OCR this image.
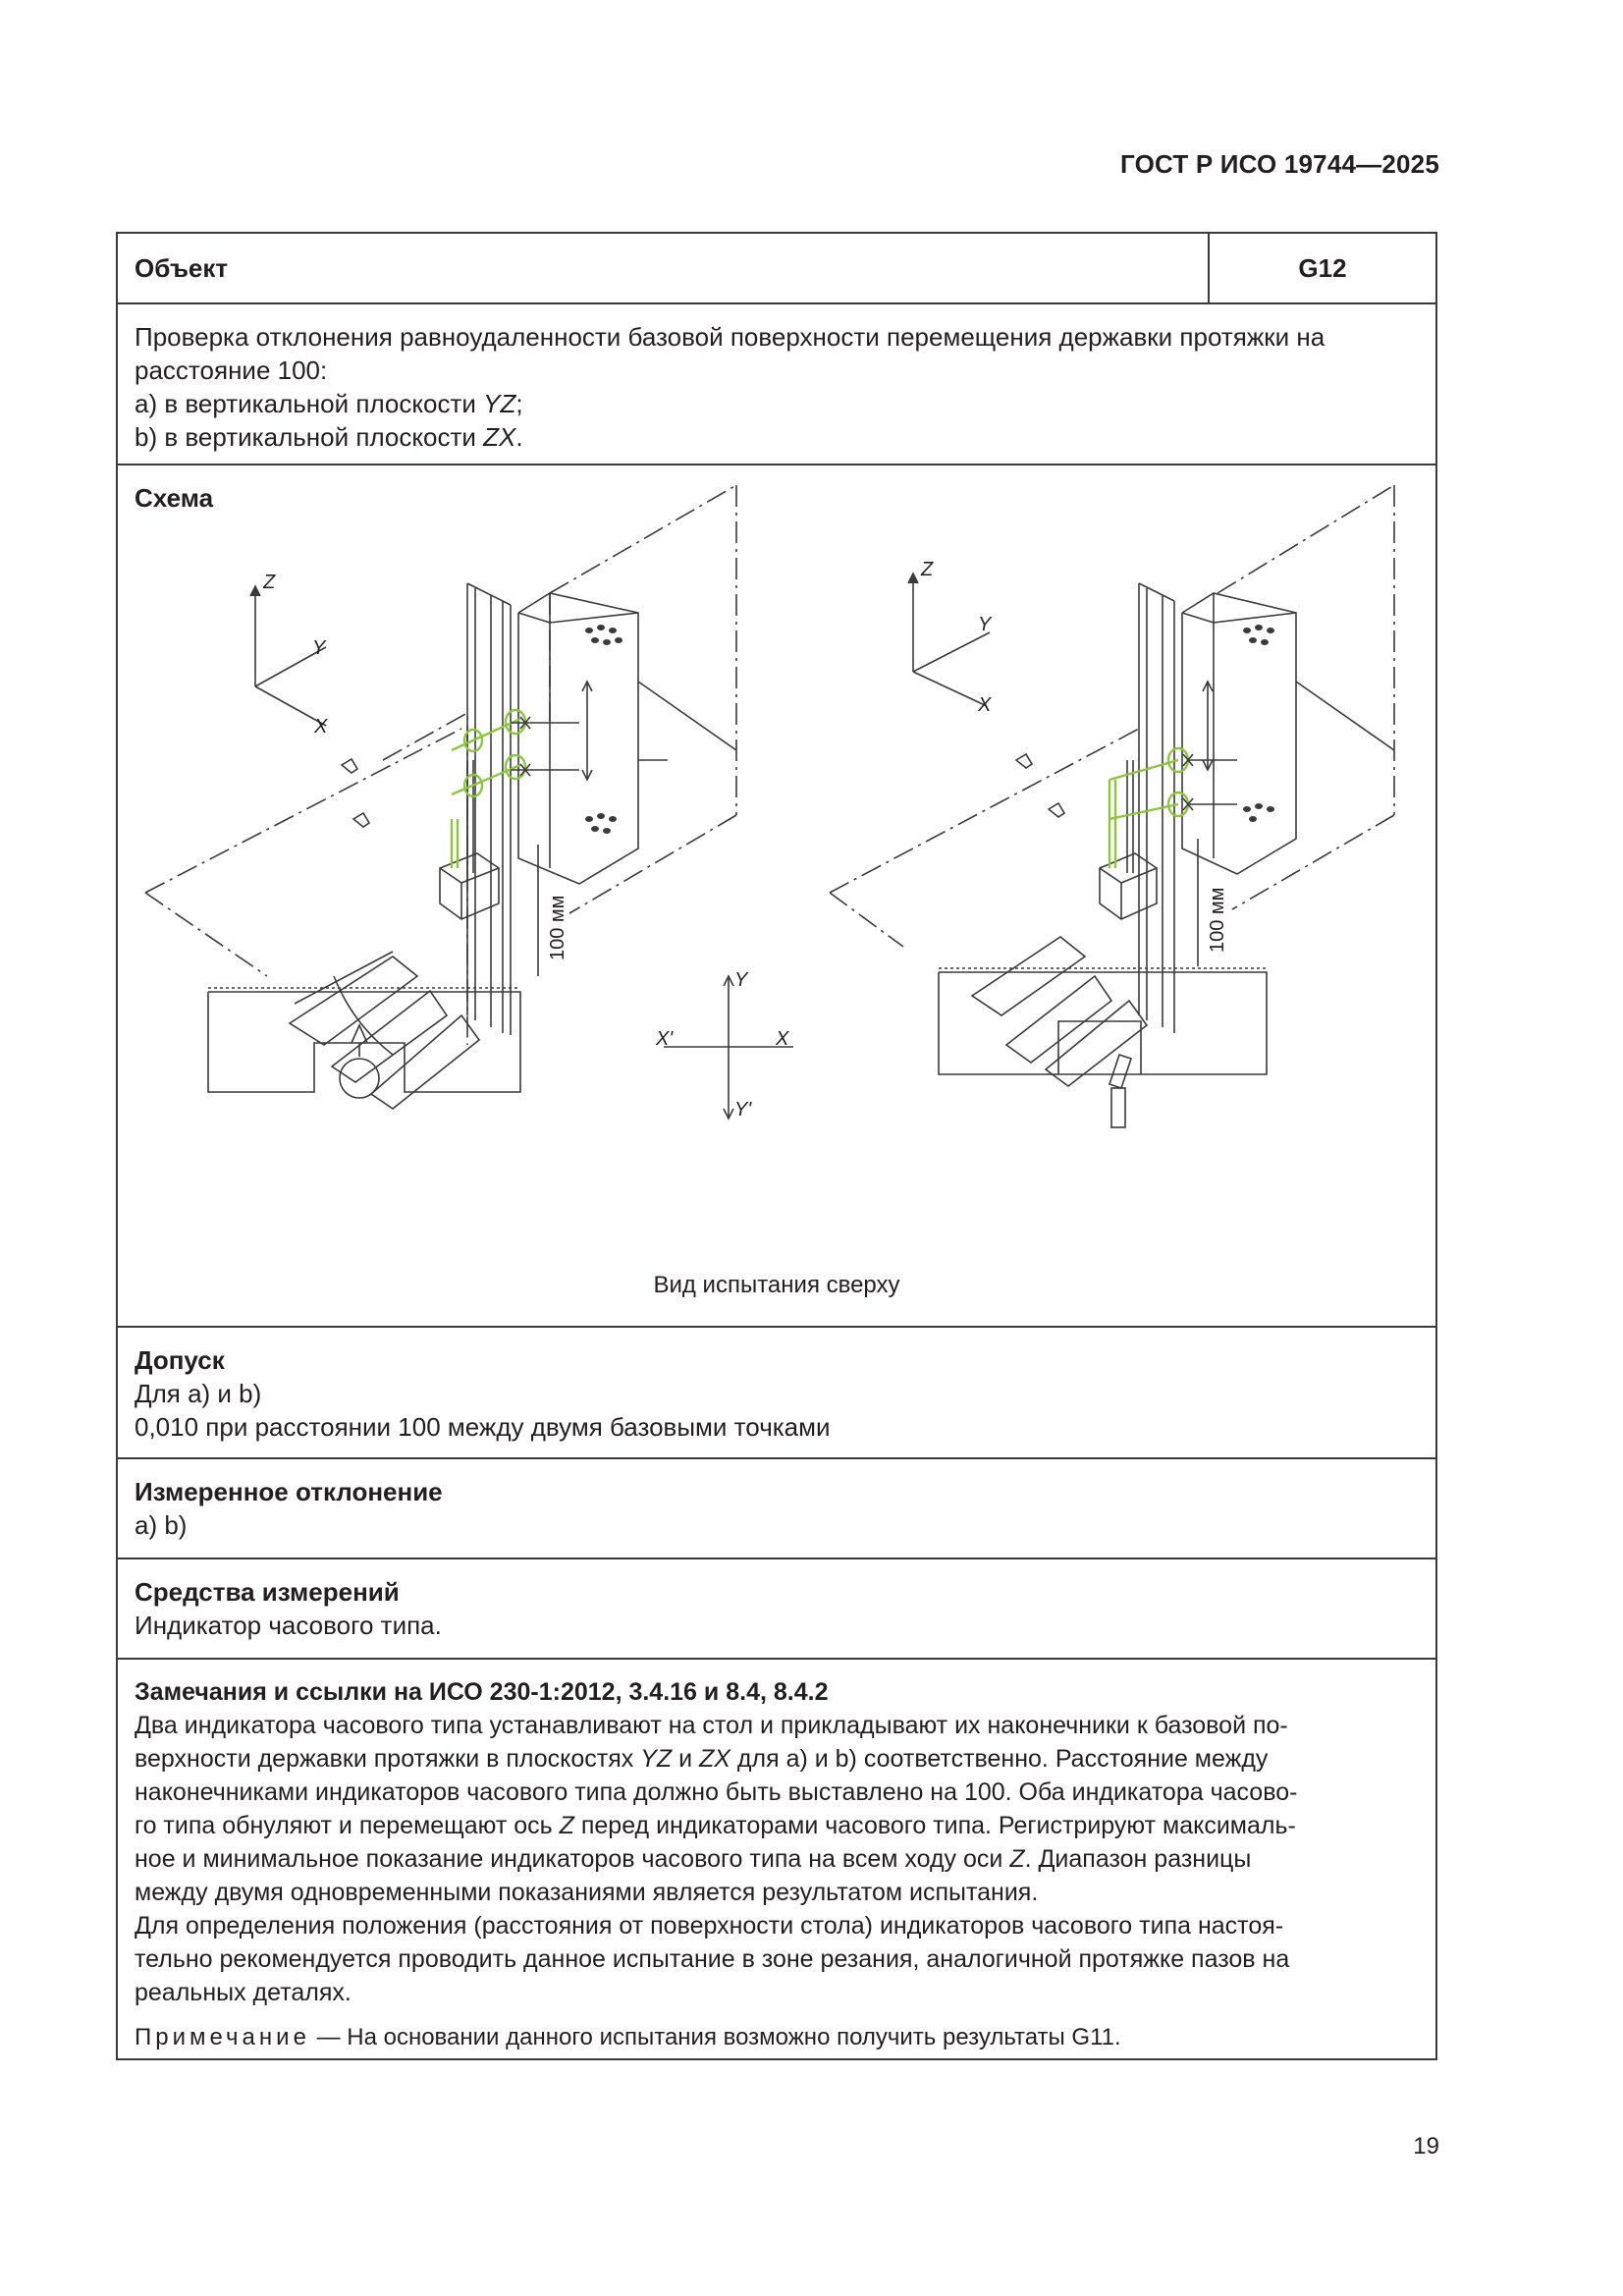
ГОСТ Р ИСО 19744—2025
Объект	G12
Проверка отклонения равноудаленности базовой поверхности перемещения державки протяжки на
расстояние 100:
а) в вертикальной плоскости YZ;
b) в вертикальной плоскости ZX.
Схема
Z
Y
X
Z
Y
X
Y
X
X'
Y'
100 мм	100 мм
Вид испытания сверху
Допуск
Для а) и b)
0,010 при расстоянии 100 между двумя базовыми точками
Измеренное отклонение
а) b)
Средства измерений
Индикатор часового типа.
Замечания и ссылки на ИСО 230-1:2012, 3.4.16 и 8.4, 8.4.2
Два индикатора часового типа устанавливают на стол и прикладывают их наконечники к базовой по-
верхности державки протяжки в плоскостях YZ и ZX для а) и b) соответственно. Расстояние между
наконечниками индикаторов часового типа должно быть выставлено на 100. Оба индикатора часово-
го типа обнуляют и перемещают ось Z перед индикаторами часового типа. Регистрируют максималь-
ное и минимальное показание индикаторов часового типа на всем ходу оси Z. Диапазон разницы
между двумя одновременными показаниями является результатом испытания.
Для определения положения (расстояния от поверхности стола) индикаторов часового типа настоя-
тельно рекомендуется проводить данное испытание в зоне резания, аналогичной протяжке пазов на
реальных деталях.
Примечание — На основании данного испытания возможно получить результаты G11.
19
